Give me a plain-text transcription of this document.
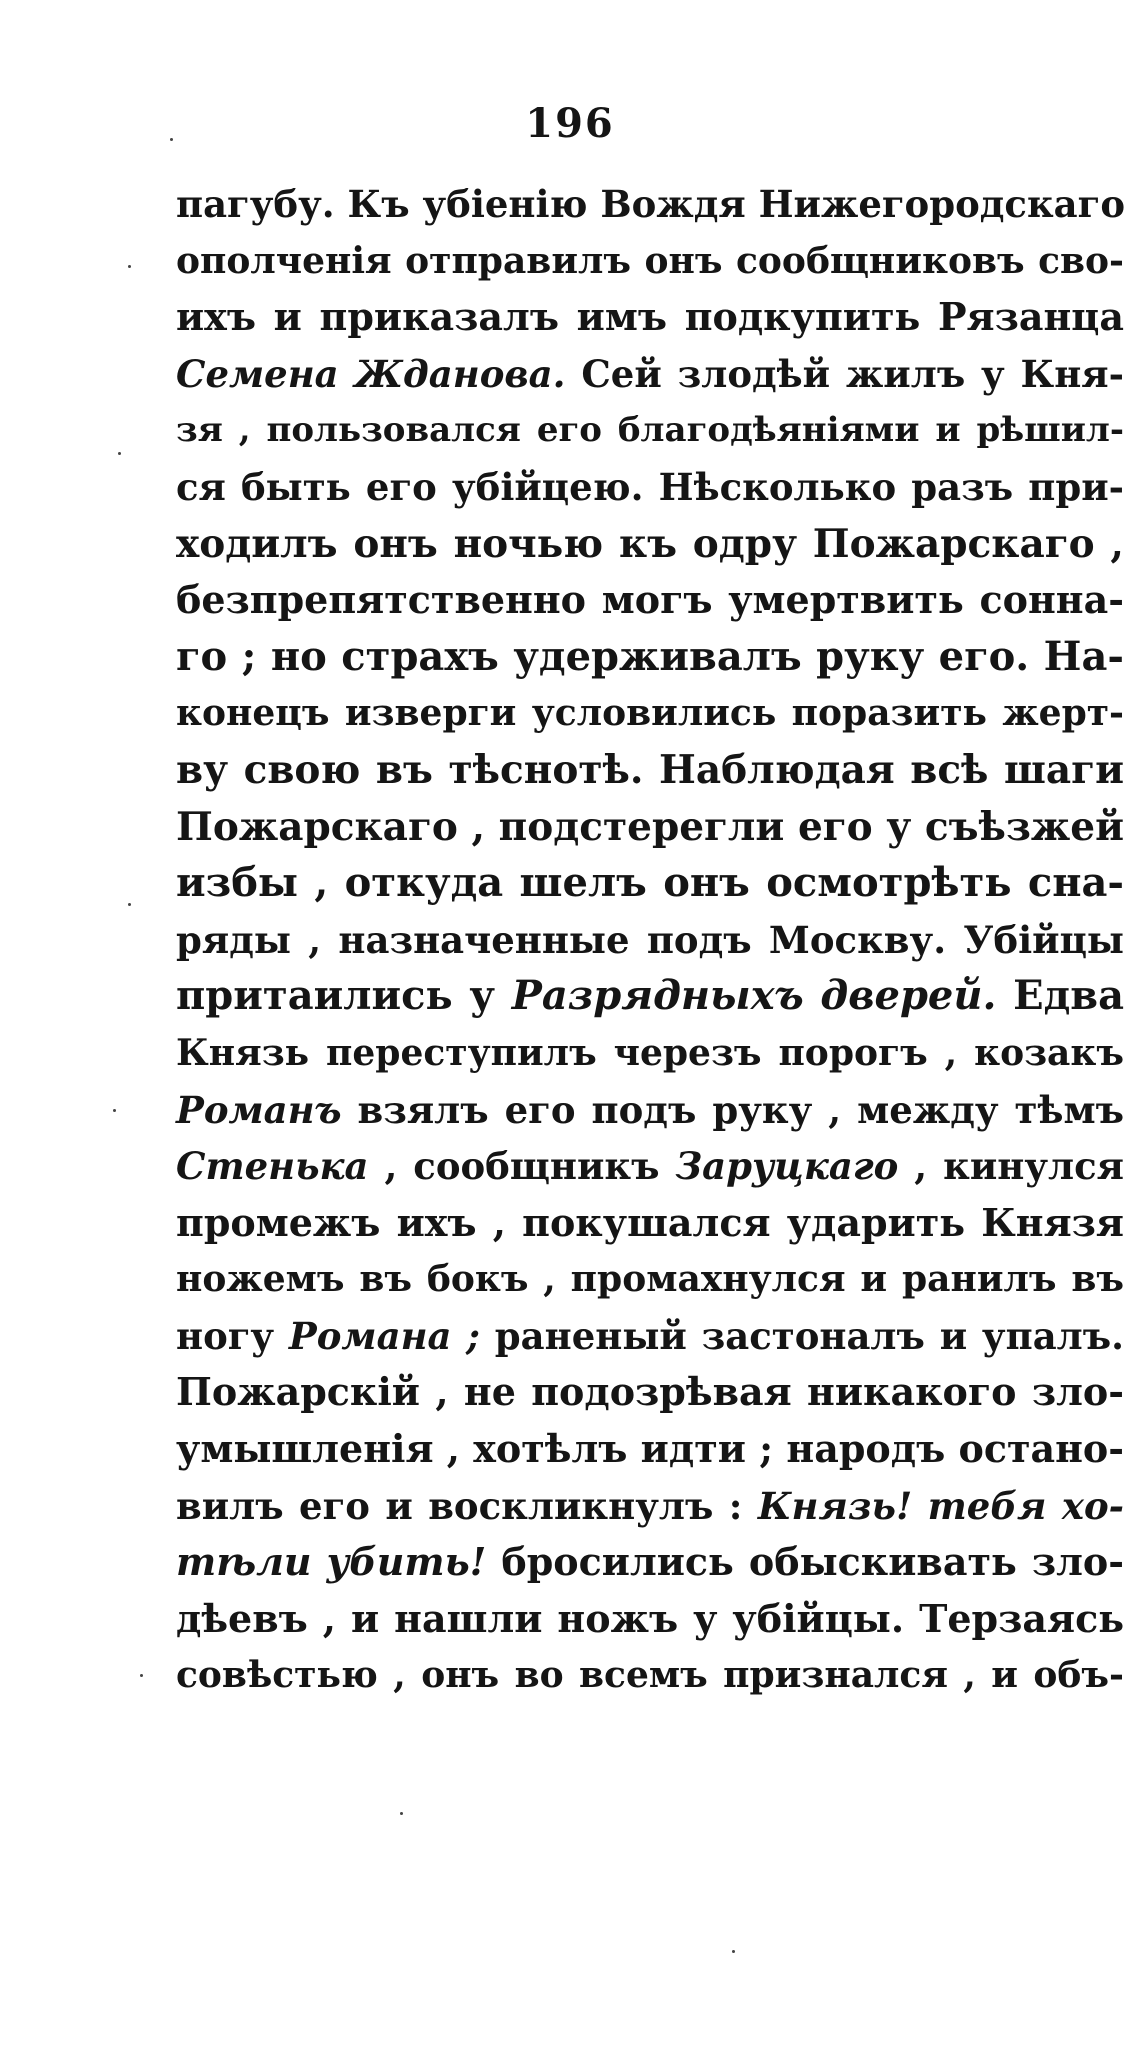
196
пагубу. Къ убіенію Вождя Нижегородскаго
ополченія отправилъ онъ сообщниковъ сво-
ихъ и приказалъ имъ подкупить Рязанца
Семена Жданова. Сей злодѣй жилъ у Кня-
зя , пользовался его благодѣяніями и рѣшил-
ся быть его убійцею. Нѣсколько разъ при-
ходилъ онъ ночью къ одру Пожарскаго ,
безпрепятственно могъ умертвить сонна-
го ; но страхъ удерживалъ руку его. На-
конецъ изверги условились поразить жерт-
ву свою въ тѣснотѣ. Наблюдая всѣ шаги
Пожарскаго , подстерегли его у съѣзжей
избы , откуда шелъ онъ осмотрѣть сна-
ряды , назначенные подъ Москву. Убійцы
притаились у Разрядныхъ дверей. Едва
Князь переступилъ черезъ порогъ , козакъ
Романъ взялъ его подъ руку , между тѣмъ
Стенька , сообщникъ Заруцкаго , кинулся
промежъ ихъ , покушался ударить Князя
ножемъ въ бокъ , промахнулся и ранилъ въ
ногу Романа ; раненый застоналъ и упалъ.
Пожарскій , не подозрѣвая никакого зло-
умышленія , хотѣлъ идти ; народъ остано-
вилъ его и воскликнулъ : Князь! тебя хо-
тѣли убить! бросились обыскивать зло-
дѣевъ , и нашли ножъ у убійцы. Терзаясь
совѣстью , онъ во всемъ признался , и объ-
